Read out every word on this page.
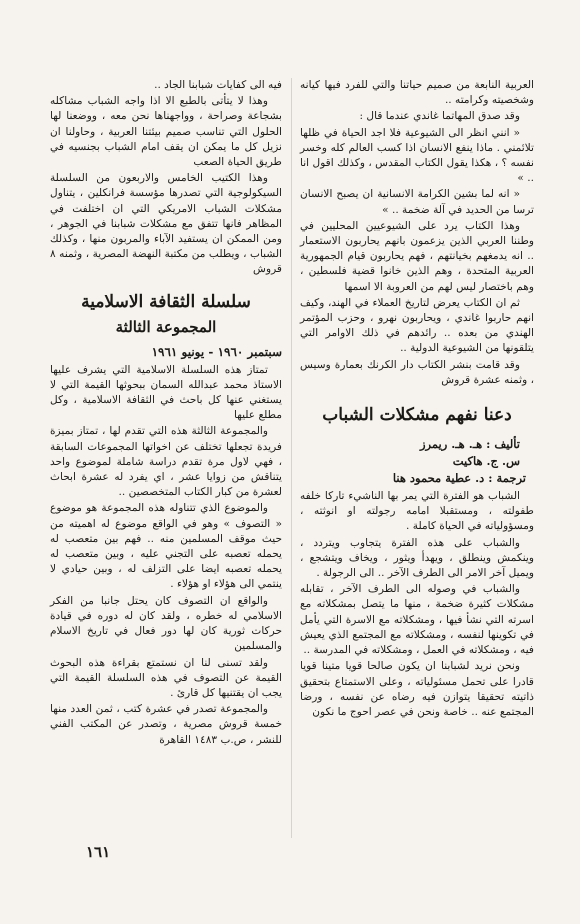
العربية النابعة من صميم حياتنا والتي للفرد فيها كيانه وشخصيته وكرامته ..

وقد صدق المهاتما غاندي عندما قال :

« انني انظر الى الشيوعية فلا اجد الحياة في ظلها تلائمني . ماذا ينفع الانسان اذا كسب العالم كله وخسر نفسه ؟ ، هكذا يقول الكتاب المقدس ، وكذلك اقول انا .. »

« انه لما بشين الكرامة الانسانية ان يصبح الانسان ترسا من الحديد في آلة ضخمة .. »

وهذا الكتاب يرد على الشيوعيين المحليين في وطننا العربي الذين يزعمون بانهم يحاربون الاستعمار .. انه يدمغهم بخيانتهم ، فهم يحاربون قيام الجمهورية العربية المتحدة ، وهم الذين خانوا قضية فلسطين ، وهم باختصار ليس لهم من العروبة الا اسمها

ثم ان الكتاب يعرض لتاريخ العملاء في الهند، وكيف انهم حاربوا غاندي ، ويحاربون نهرو ، وحزب المؤتمر الهندي من بعده .. رائدهم في ذلك الاوامر التي يتلقونها من الشيوعية الدولية ..

وقد قامت بنشر الكتاب دار الكرنك بعمارة وسيس ، وثمنه عشرة قروش

دعنا نفهم مشكلات الشباب
تأليف : هـ. هـ. ريمرز
س. ج. هاكيت
ترجمة : د. عطية محمود هنا

الشباب هو الفترة التي يمر بها الناشيء تاركا خلفه طفولته ، ومستقبلا امامه رجولته او انوثته ، ومسؤولياته في الحياة كاملة .

والشباب على هذه الفترة يتجاوب ويتردد ، وينكمش وينطلق ، ويهدأ ويثور ، ويخاف ويتشجع ، ويميل آخر الامر الى الطرف الآخر .. الى الرجولة .

والشباب في وصوله الى الطرف الآخر ، تقابله مشكلات كثيرة ضخمة ، منها ما يتصل بمشكلاته مع اسرته التي نشأ فيها ، ومشكلاته مع الاسرة التي يأمل في تكوينها لنفسه ، ومشكلاته مع المجتمع الذي يعيش فيه ، ومشكلاته في العمل ، ومشكلاته في المدرسة ..

ونحن نريد لشبابنا ان يكون صالحا قويا متينا قويا قادرا على تحمل مسئولياته ، وعلى الاستمتاع بتحقيق ذاتيته تحقيقا يتوازن فيه رضاه عن نفسه ، ورضا المجتمع عنه .. خاصة ونحن في عصر احوج ما نكون

فيه الى كفايات شبابنا الجاد ..

وهذا لا يتأتى بالطبع الا اذا واجه الشباب مشاكله بشجاعة وصراحة ، وواجهناها نحن معه ، ووضعنا لها الحلول التي تناسب صميم بيئتنا العربية ، وحاولنا ان نزيل كل ما يمكن ان يقف امام الشباب بجنسيه في طريق الحياة الصعب

وهذا الكتيب الخامس والاربعون من السلسلة السيكولوجية التي تصدرها مؤسسة فرانكلين ، يتناول مشكلات الشباب الامريكي التي ان اختلفت في المظاهر فانها تتفق مع مشكلات شبابنا في الجوهر ، ومن الممكن ان يستفيد الآباء والمربون منها ، وكذلك الشباب ، ويطلب من مكتبة النهضة المصرية ، وثمنه ٨ قروش

سلسلة الثقافة الاسلامية
المجموعة الثالثة
سبتمبر ١٩٦٠ - يونيو ١٩٦١

تمتاز هذه السلسلة الاسلامية التي يشرف عليها الاستاذ محمد عبدالله السمان ببحوثها القيمة التي لا يستغني عنها كل باحث في الثقافة الاسلامية ، وكل مطلع عليها

والمجموعة الثالثة هذه التي تقدم لها ، تمتاز بميزة فريدة تجعلها تختلف عن اخواتها المجموعات السابقة ، فهي لاول مرة تقدم دراسة شاملة لموضوع واحد يتناقش من زوايا عشر ، اي يفرد له عشرة ابحاث لعشرة من كبار الكتاب المتخصصين ..

والموضوع الذي تتناوله هذه المجموعة هو موضوع « التصوف » وهو في الواقع موضوع له اهميته من حيث موقف المسلمين منه .. فهم بين متعصب له يحمله تعصبه على التجني عليه ، وبين متعصب له يحمله تعصبه ايضا على التزلف له ، وبين حيادي لا ينتمي الى هؤلاء او هؤلاء .

والواقع ان التصوف كان يحتل جانبا من الفكر الاسلامي له خطره ، ولقد كان له دوره في قيادة حركات ثورية كان لها دور فعال في تاريخ الاسلام والمسلمين

ولقد تسنى لنا ان نستمتع بقراءة هذه البحوث القيمة عن التصوف في هذه السلسلة القيمة التي يجب ان يقتنيها كل قارئ .

والمجموعة تصدر في عشرة كتب ، ثمن العدد منها خمسة قروش مصرية ، وتصدر عن المكتب الفني للنشر ، ص.ب ١٤٨٣ القاهرة

١٦١
